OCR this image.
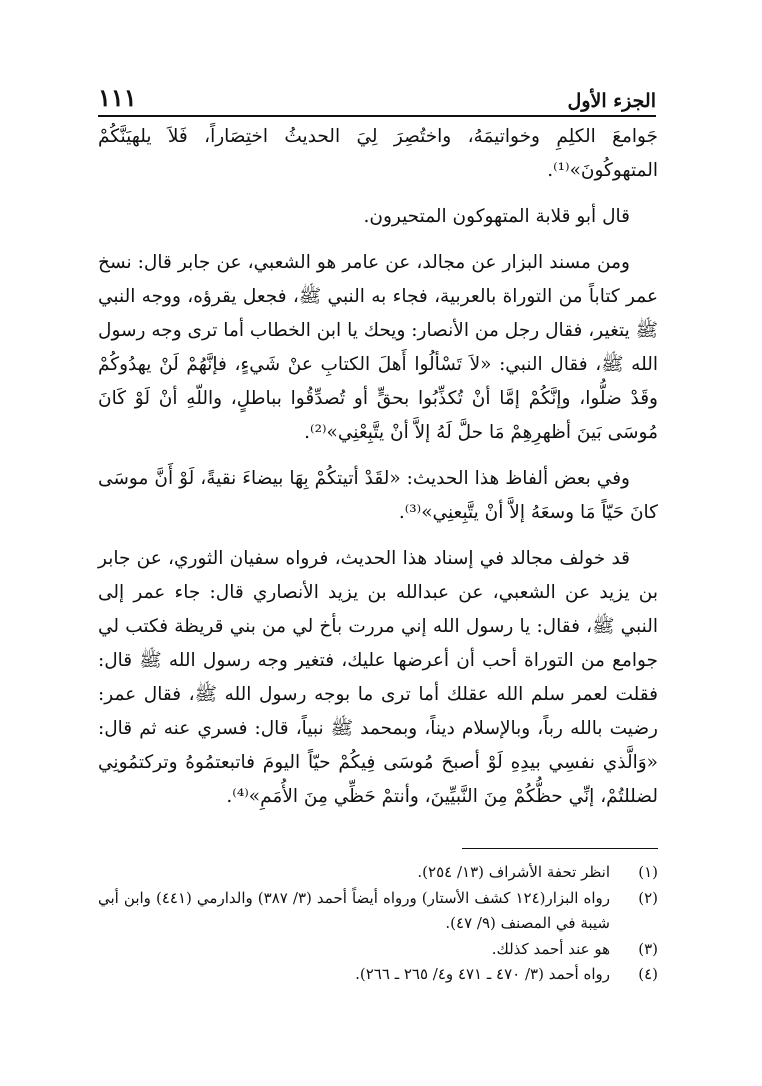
الجزء الأول
١١١

جَوامعَ الكلِمِ وخواتيمَهُ، واختُصِرَ لِيَ الحديثُ اختِصَاراً، فَلاَ يلهيَنَّكُمْ المتهوكُونَ»⁽¹⁾.

قال أبو قلابة المتهوكون المتحيرون.

ومن مسند البزار عن مجالد، عن عامر هو الشعبي، عن جابر قال: نسخ عمر كتاباً من التوراة بالعربية، فجاء به النبي ﷺ، فجعل يقرؤه، ووجه النبي ﷺ يتغير، فقال رجل من الأنصار: ويحك يا ابن الخطاب أما ترى وجه رسول الله ﷺ، فقال النبي: «لاَ تَسْألُوا أَهلَ الكتابِ عنْ شَيءٍ، فإنَّهُمْ لَنْ يهدُوكُمْ وقَدْ ضلُّوا، وإنَّكُمْ إمَّا أنْ تُكذِّبُوا بحقٍّ أو تُصدِّقُوا بباطلٍ، واللّهِ أنْ لَوْ كَانَ مُوسَى بَينَ أظهرِهِمْ مَا حلَّ لَهُ إلاَّ أنْ يتَّبِعْنِي»⁽²⁾.

وفي بعض ألفاظ هذا الحديث: «لقَدْ أتيتكُمْ بِهَا بيضاءَ نقيةً، لَوْ أَنَّ موسَى كانَ حَيّاً مَا وسعَهُ إلاَّ أنْ يتَّبِعنِي»⁽³⁾.

قد خولف مجالد في إسناد هذا الحديث، فرواه سفيان الثوري، عن جابر بن يزيد عن الشعبي، عن عبدالله بن يزيد الأنصاري قال: جاء عمر إلى النبي ﷺ، فقال: يا رسول الله إني مررت بأخ لي من بني قريظة فكتب لي جوامع من التوراة أحب أن أعرضها عليك، فتغير وجه رسول الله ﷺ قال: فقلت لعمر سلم الله عقلك أما ترى ما بوجه رسول الله ﷺ، فقال عمر: رضيت بالله رباً، وبالإسلام ديناً، وبمحمد ﷺ نبياً، قال: فسري عنه ثم قال: «وَالَّذي نفسِي بيدِهِ لَوْ أصبحَ مُوسَى فِيكُمْ حيّاً اليومَ فاتبعتمُوهُ وتركتمُونِي لضللتُمْ، إنِّي حظُّكُمْ مِنَ النَّبيِّينَ، وأنتمْ حَظِّي مِنَ الأُمَمِ»⁽⁴⁾.

(١)
انظر تحفة الأشراف (١٣/ ٢٥٤).
(٢)
رواه البزار(١٢٤ كشف الأستار) ورواه أيضاً أحمد (٣/ ٣٨٧) والدارمي (٤٤١) وابن أبي شيبة في المصنف (٩/ ٤٧).
(٣)
هو عند أحمد كذلك.
(٤)
رواه أحمد (٣/ ٤٧٠ ـ ٤٧١ و٤/ ٢٦٥ ـ ٢٦٦).
